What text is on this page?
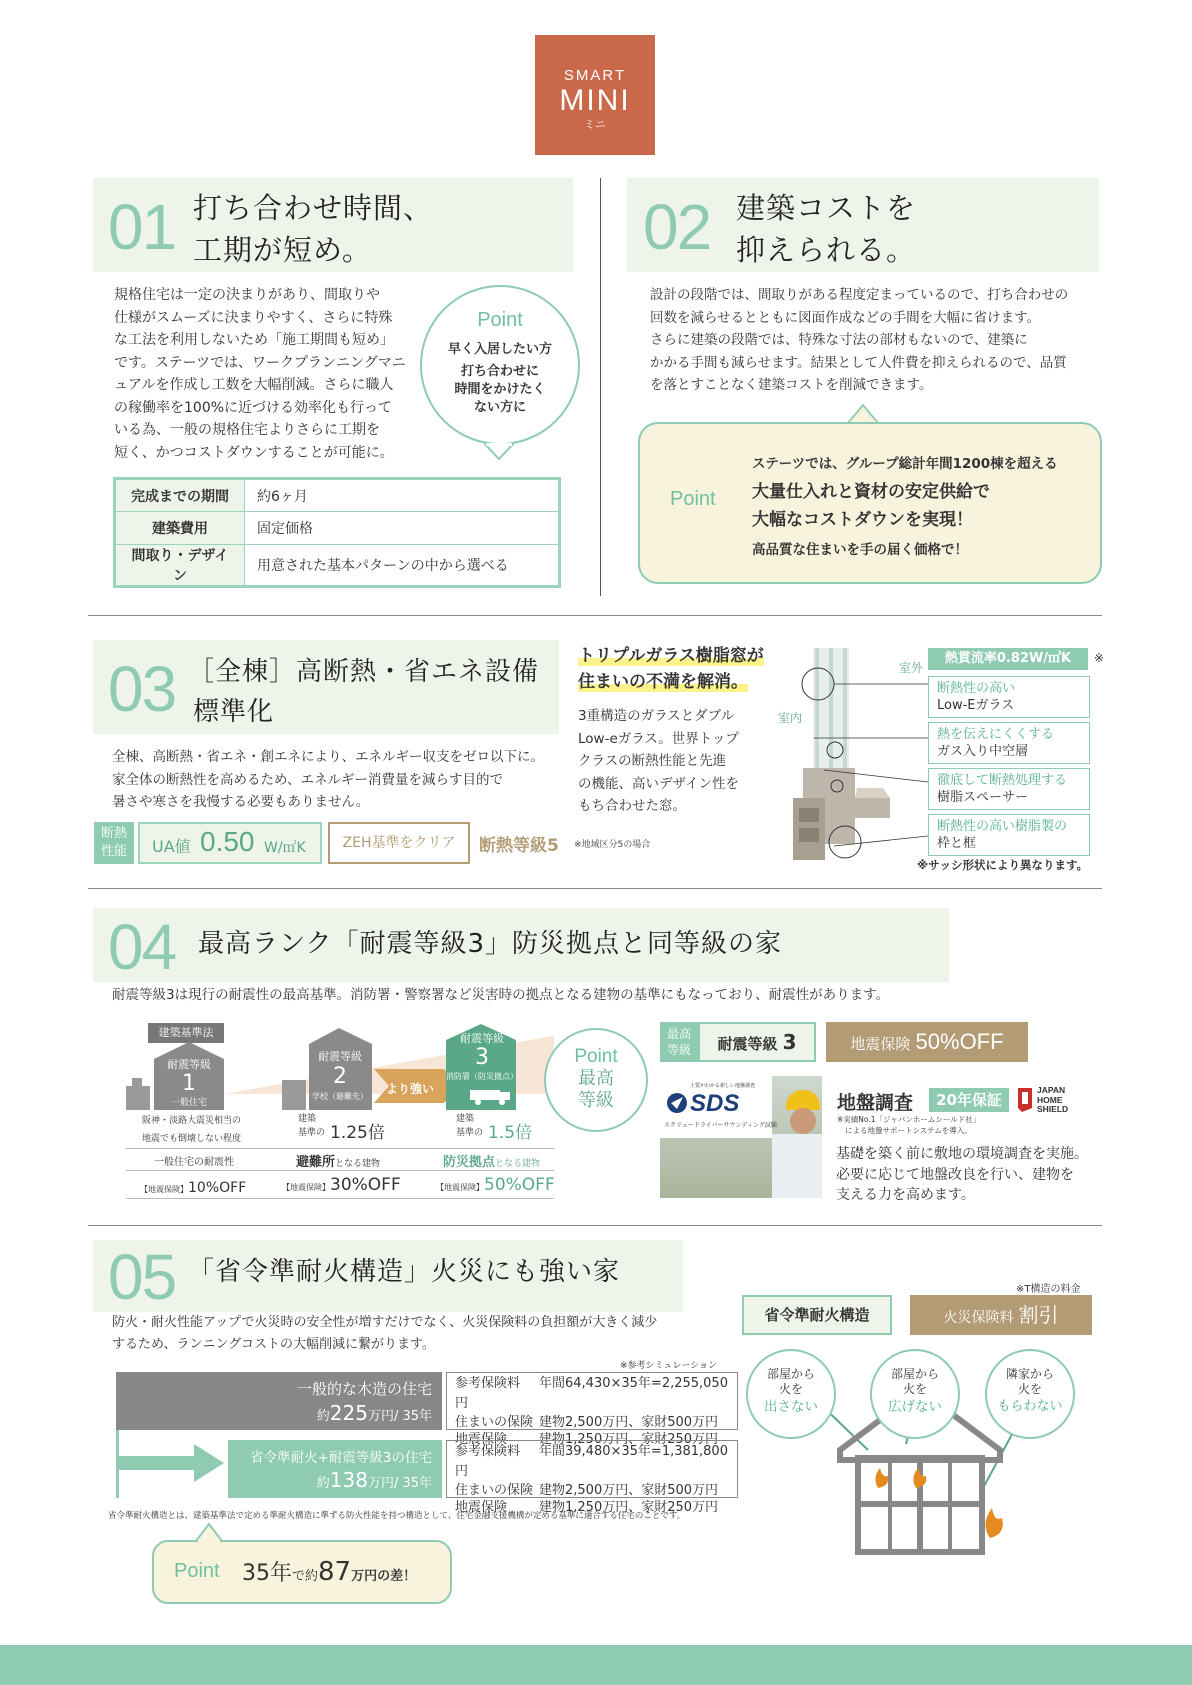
SMART
MINI
ミニ
01 打ち合わせ時間、
工期が短め。
規格住宅は一定の決まりがあり、間取りや
仕様がスムーズに決まりやすく、さらに特殊
な工法を利用しないため「施工期間も短め」
です。ステーツでは、ワークプランニングマニ
ュアルを作成し工数を大幅削減。さらに職人
の稼働率を100%に近づける効率化も行って
いる為、一般の規格住宅よりさらに工期を
短く、かつコストダウンすることが可能に。
Point
早く入居したい方
打ち合わせに
時間をかけたく
ない方に
完成までの期間	約6ヶ月
建築費用	固定価格
間取り・デザイン	用意された基本パターンの中から選べる
02 建築コストを
抑えられる。
設計の段階では、間取りがある程度定まっているので、打ち合わせの
回数を減らせるとともに図面作成などの手間を大幅に省けます。
さらに建築の段階では、特殊な寸法の部材もないので、建築に
かかる手間も減らせます。結果として人件費を抑えられるので、品質
を落とすことなく建築コストを削減できます。
Point
ステーツでは、グループ総計年間1200棟を超える
大量仕入れと資材の安定供給で
大幅なコストダウンを実現！
高品質な住まいを手の届く価格で！
03 ［全棟］高断熱・省エネ設備
標準化
全棟、高断熱・省エネ・創エネにより、エネルギー収支をゼロ以下に。
家全体の断熱性を高めるため、エネルギー消費量を減らす目的で
暑さや寒さを我慢する必要もありません。
断熱
性能	UA値 0.50 W/㎡K	ZEH基準をクリア	断熱等級5 ※地域区分5の場合
トリプルガラス樹脂窓が
住まいの不満を解消。
3重構造のガラスとダブル
Low-eガラス。世界トップ
クラスの断熱性能と先進
の機能、高いデザイン性を
もち合わせた窓。
室外
室内
熱貫流率0.82W/㎡K	※
断熱性の高い
Low-Eガラス
熱を伝えにくくする
ガス入り中空層
徹底して断熱処理する
樹脂スペーサー
断熱性の高い樹脂製の
枠と框
※サッシ形状により異なります。
04 最高ランク「耐震等級3」防災拠点と同等級の家
耐震等級3は現行の耐震性の最高基準。消防署・警察署など災害時の拠点となる建物の基準にもなっており、耐震性があります。
建築基準法
耐震等級
1
一般住宅
耐震等級
2
学校（避難先）
耐震等級
3
消防署（防災拠点）
より強い
阪神・淡路大震災相当の
地震でも倒壊しない程度
建築
基準の 1.25倍
建築
基準の 1.5倍
一般住宅の耐震性	避難所となる建物	防災拠点となる建物
【地震保険】10%OFF	【地震保険】30%OFF	【地震保険】50%OFF
Point
最高
等級
最高
等級	耐震等級 3	地震保険 50%OFF
土質がわかる新しい地盤調査
SDS
スクリュードライバーサウンディング試験
地盤調査	20年保証
JAPAN
HOME
SHIELD
※実績No.1「ジャパンホームシールド社」
による地盤サポートシステムを導入。
基礎を築く前に敷地の環境調査を実施。
必要に応じて地盤改良を行い、建物を
支える力を高めます。
05 「省令準耐火構造」火災にも強い家
防火・耐火性能アップで火災時の安全性が増すだけでなく、火災保険料の負担額が大きく減少
するため、ランニングコストの大幅削減に繋がります。
※参考シミュレーション
一般的な木造の住宅
約225万円/ 35年
参考保険料 年間64,430×35年=2,255,050円
住まいの保険 建物2,500万円、家財500万円
地震保険 建物1,250万円、家財250万円
省令準耐火+耐震等級3の住宅
約138万円/ 35年
参考保険料 年間39,480×35年=1,381,800円
住まいの保険 建物2,500万円、家財500万円
地震保険 建物1,250万円、家財250万円
省令準耐火構造とは、建築基準法で定める準耐火構造に準ずる防火性能を持つ構造として、住宅金融支援機構が定める基準に適合する住宅のことです。
Point 35年で約87万円の差！
※T構造の料金
省令準耐火構造	火災保険料 割引
部屋から
火を
出さない
部屋から
火を
広げない
隣家から
火を
もらわない
